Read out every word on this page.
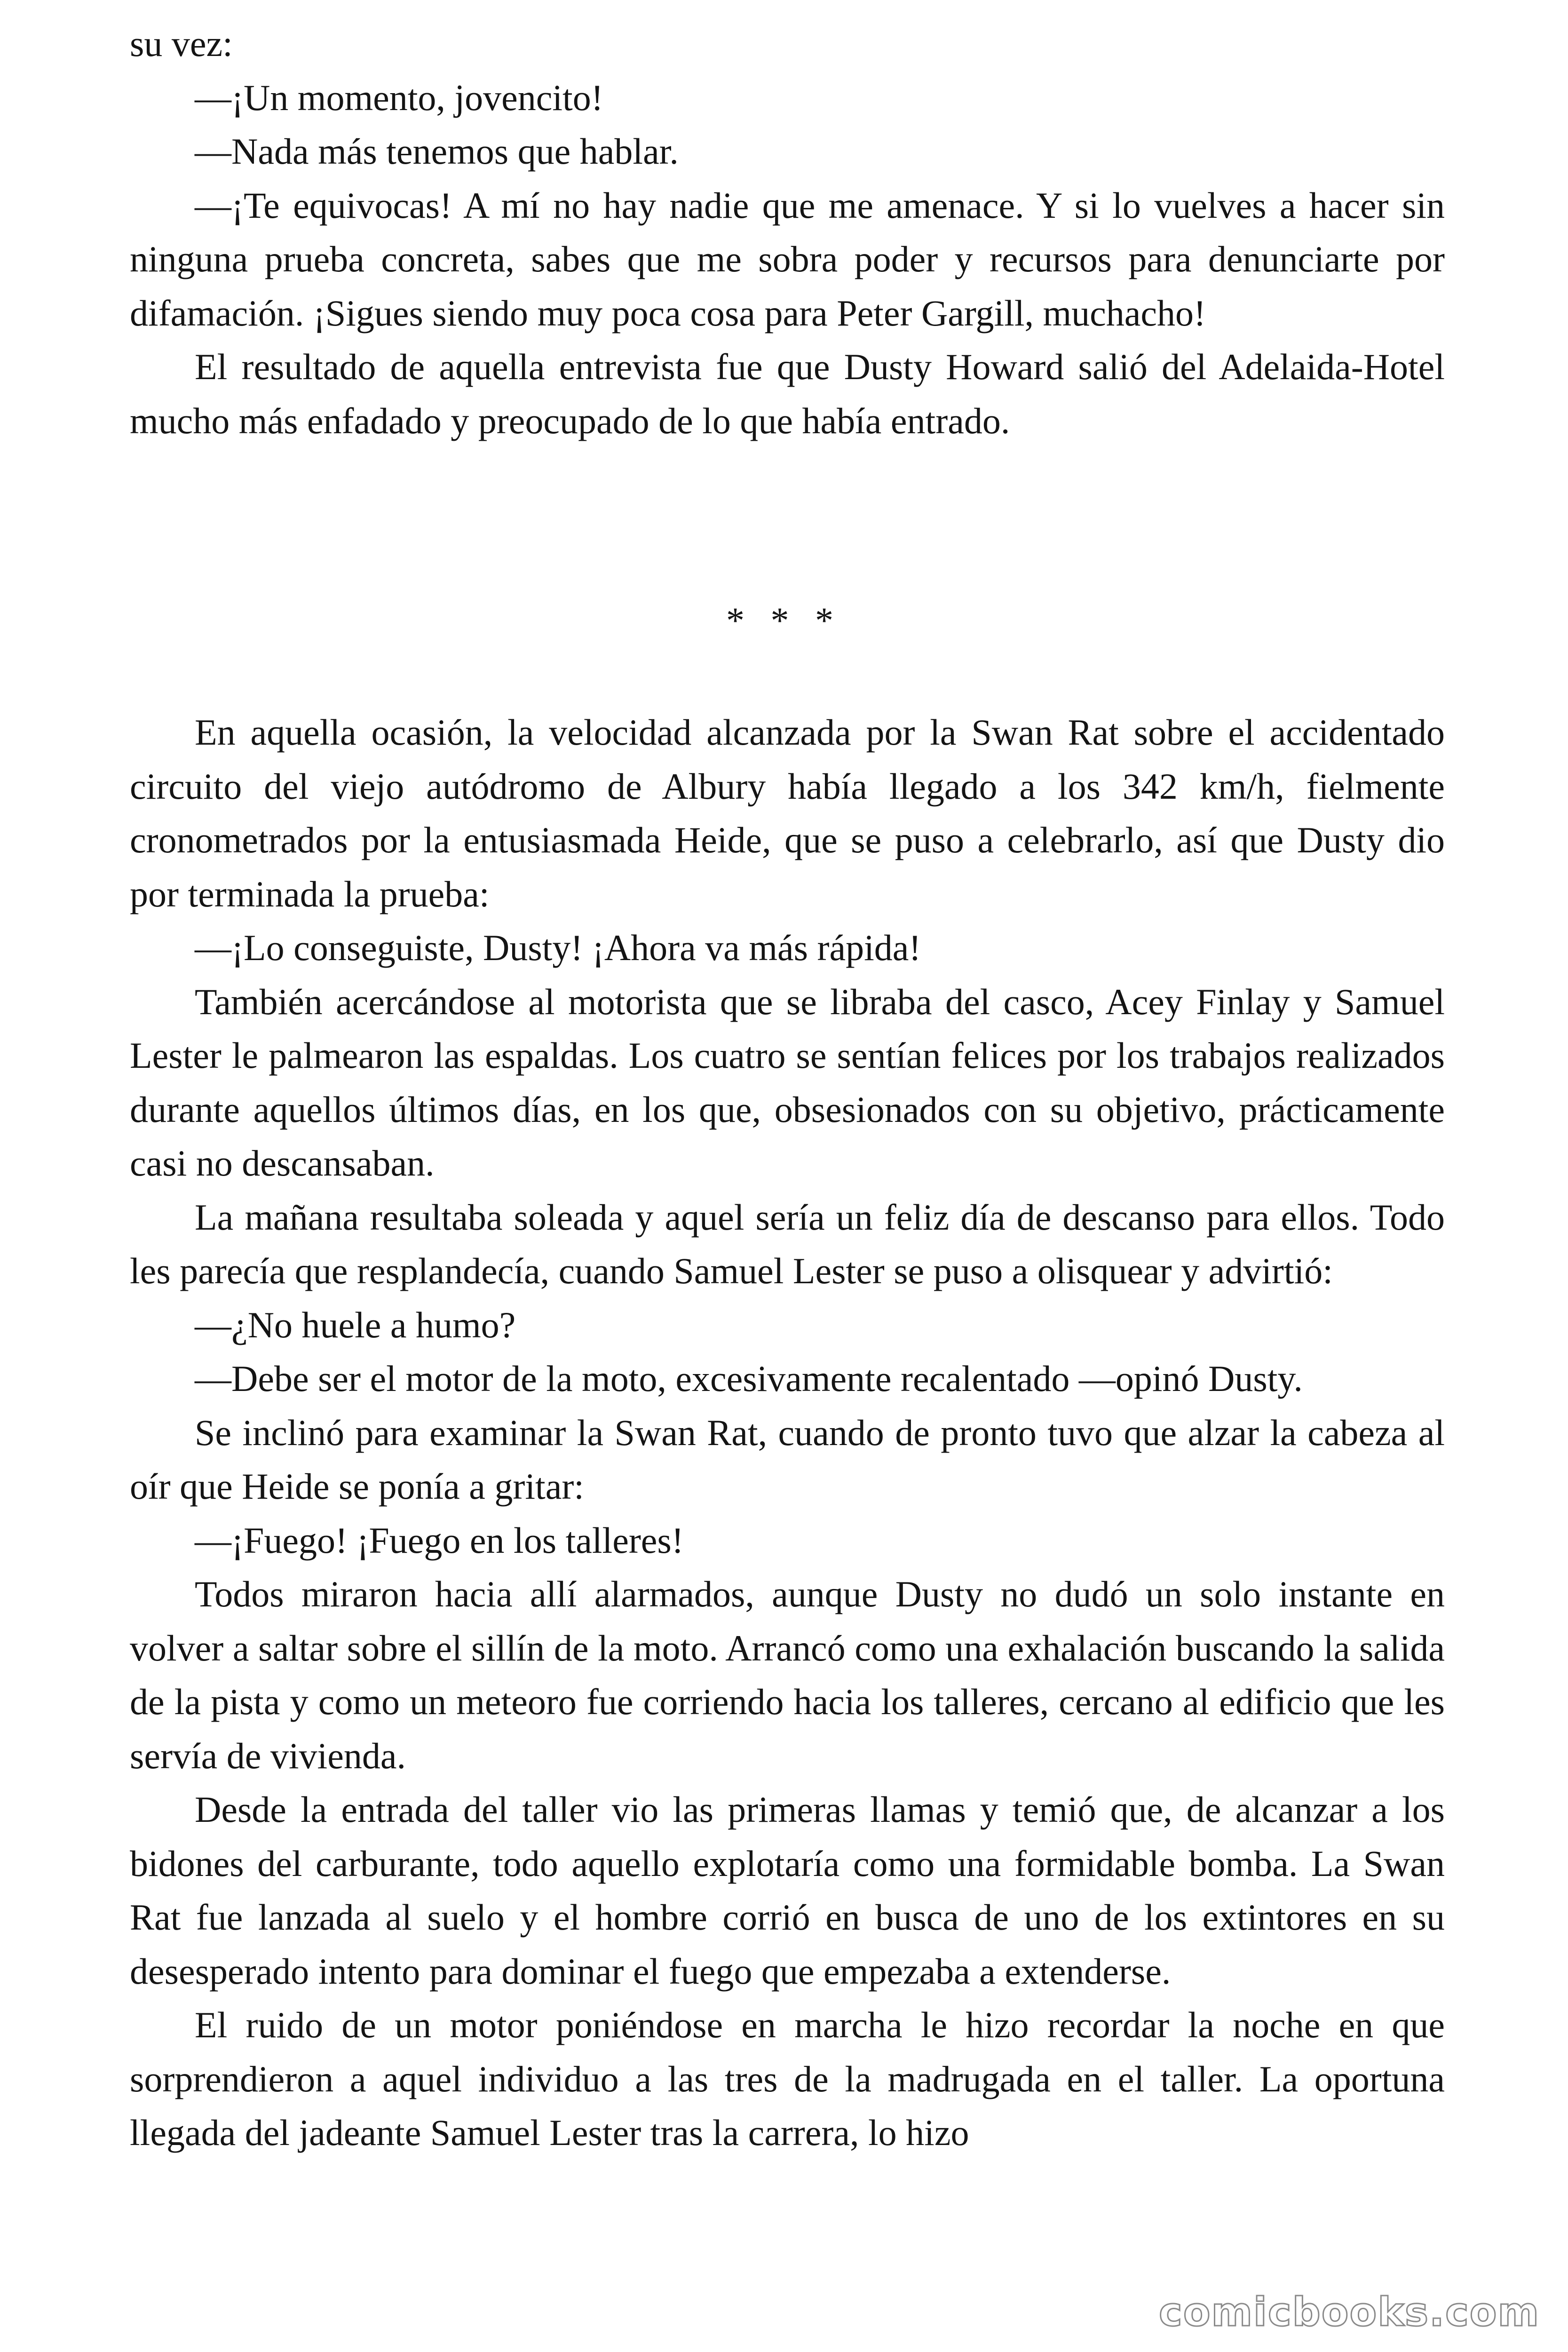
su vez:

—¡Un momento, jovencito!

—Nada más tenemos que hablar.

—¡Te equivocas! A mí no hay nadie que me amenace. Y si lo vuelves a hacer sin ninguna prueba concreta, sabes que me sobra poder y recursos para denunciarte por difamación. ¡Sigues siendo muy poca cosa para Peter Gargill, muchacho!

El resultado de aquella entrevista fue que Dusty Howard salió del Adelaida-Hotel mucho más enfadado y preocupado de lo que había entrado.

* * *

En aquella ocasión, la velocidad alcanzada por la Swan Rat sobre el accidentado circuito del viejo autódromo de Albury había llegado a los 342 km/h, fielmente cronometrados por la entusiasmada Heide, que se puso a celebrarlo, así que Dusty dio por terminada la prueba:

—¡Lo conseguiste, Dusty! ¡Ahora va más rápida!

También acercándose al motorista que se libraba del casco, Acey Finlay y Samuel Lester le palmearon las espaldas. Los cuatro se sentían felices por los trabajos realizados durante aquellos últimos días, en los que, obsesionados con su objetivo, prácticamente casi no descansaban.

La mañana resultaba soleada y aquel sería un feliz día de descanso para ellos. Todo les parecía que resplandecía, cuando Samuel Lester se puso a olisquear y advirtió:

—¿No huele a humo?

—Debe ser el motor de la moto, excesivamente recalentado —opinó Dusty.

Se inclinó para examinar la Swan Rat, cuando de pronto tuvo que alzar la cabeza al oír que Heide se ponía a gritar:

—¡Fuego! ¡Fuego en los talleres!

Todos miraron hacia allí alarmados, aunque Dusty no dudó un solo instante en volver a saltar sobre el sillín de la moto. Arrancó como una exhalación buscando la salida de la pista y como un meteoro fue corriendo hacia los talleres, cercano al edificio que les servía de vivienda.

Desde la entrada del taller vio las primeras llamas y temió que, de alcanzar a los bidones del carburante, todo aquello explotaría como una formidable bomba. La Swan Rat fue lanzada al suelo y el hombre corrió en busca de uno de los extintores en su desesperado intento para dominar el fuego que empezaba a extenderse.

El ruido de un motor poniéndose en marcha le hizo recordar la noche en que sorprendieron a aquel individuo a las tres de la madrugada en el taller. La oportuna llegada del jadeante Samuel Lester tras la carrera, lo hizo

comicbooks.com
